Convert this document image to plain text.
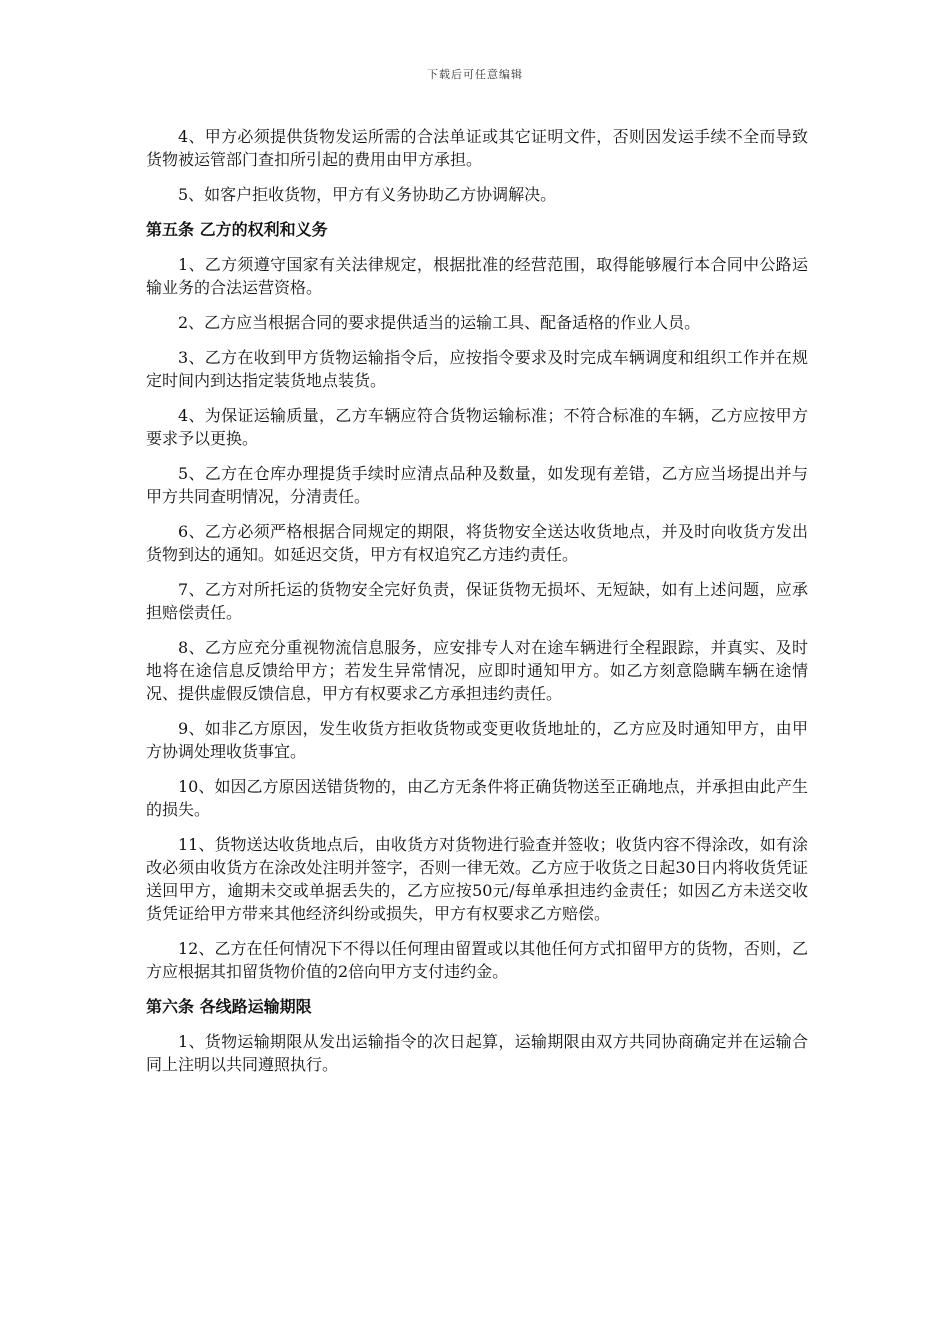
下载后可任意编辑

4、甲方必须提供货物发运所需的合法单证或其它证明文件，否则因发运手续不全而导致货物被运管部门查扣所引起的费用由甲方承担。

5、如客户拒收货物，甲方有义务协助乙方协调解决。

第五条 乙方的权利和义务

1、乙方须遵守国家有关法律规定，根据批准的经营范围，取得能够履行本合同中公路运输业务的合法运营资格。

2、乙方应当根据合同的要求提供适当的运输工具、配备适格的作业人员。

3、乙方在收到甲方货物运输指令后，应按指令要求及时完成车辆调度和组织工作并在规定时间内到达指定装货地点装货。

4、为保证运输质量，乙方车辆应符合货物运输标准；不符合标准的车辆，乙方应按甲方要求予以更换。

5、乙方在仓库办理提货手续时应清点品种及数量，如发现有差错，乙方应当场提出并与甲方共同查明情况，分清责任。

6、乙方必须严格根据合同规定的期限，将货物安全送达收货地点，并及时向收货方发出货物到达的通知。如延迟交货，甲方有权追究乙方违约责任。

7、乙方对所托运的货物安全完好负责，保证货物无损坏、无短缺，如有上述问题，应承担赔偿责任。

8、乙方应充分重视物流信息服务，应安排专人对在途车辆进行全程跟踪，并真实、及时地将在途信息反馈给甲方；若发生异常情况，应即时通知甲方。如乙方刻意隐瞒车辆在途情况、提供虚假反馈信息，甲方有权要求乙方承担违约责任。

9、如非乙方原因，发生收货方拒收货物或变更收货地址的，乙方应及时通知甲方，由甲方协调处理收货事宜。

10、如因乙方原因送错货物的，由乙方无条件将正确货物送至正确地点，并承担由此产生的损失。

11、货物送达收货地点后，由收货方对货物进行验查并签收；收货内容不得涂改，如有涂改必须由收货方在涂改处注明并签字，否则一律无效。乙方应于收货之日起30日内将收货凭证送回甲方，逾期未交或单据丢失的，乙方应按50元/每单承担违约金责任；如因乙方未送交收货凭证给甲方带来其他经济纠纷或损失，甲方有权要求乙方赔偿。

12、乙方在任何情况下不得以任何理由留置或以其他任何方式扣留甲方的货物，否则，乙方应根据其扣留货物价值的2倍向甲方支付违约金。

第六条 各线路运输期限

1、货物运输期限从发出运输指令的次日起算，运输期限由双方共同协商确定并在运输合同上注明以共同遵照执行。
